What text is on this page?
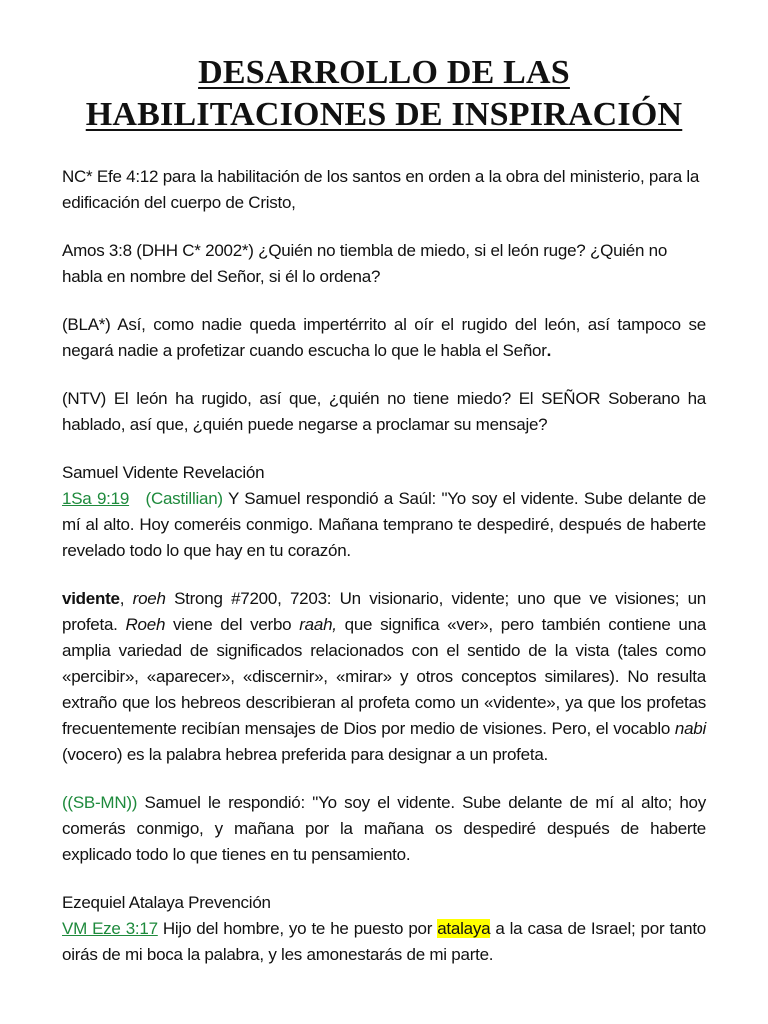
DESARROLLO DE LAS
HABILITACIONES DE INSPIRACIÓN

NC* Efe 4:12 para la habilitación de los santos en orden a la obra del ministerio, para la edificación del cuerpo de Cristo,

Amos 3:8 (DHH C* 2002*) ¿Quién no tiembla de miedo, si el león ruge? ¿Quién no habla en nombre del Señor, si él lo ordena?

(BLA*) Así, como nadie queda impertérrito al oír el rugido del león, así tampoco se negará nadie a profetizar cuando escucha lo que le habla el Señor.

(NTV) El león ha rugido, así que, ¿quién no tiene miedo? El SEÑOR Soberano ha hablado, así que, ¿quién puede negarse a proclamar su mensaje?

Samuel Vidente Revelación

1Sa 9:19 (Castillian) Y Samuel respondió a Saúl: "Yo soy el vidente. Sube delante de mí al alto. Hoy comeréis conmigo. Mañana temprano te despediré, después de haberte revelado todo lo que hay en tu corazón.

vidente, roeh Strong #7200, 7203: Un visionario, vidente; uno que ve visiones; un profeta. Roeh viene del verbo raah, que significa «ver», pero también contiene una amplia variedad de significados relacionados con el sentido de la vista (tales como «percibir», «aparecer», «discernir», «mirar» y otros conceptos similares). No resulta extraño que los hebreos describieran al profeta como un «vidente», ya que los profetas frecuentemente recibían mensajes de Dios por medio de visiones. Pero, el vocablo nabi (vocero) es la palabra hebrea preferida para designar a un profeta.

((SB-MN)) Samuel le respondió: "Yo soy el vidente. Sube delante de mí al alto; hoy comerás conmigo, y mañana por la mañana os despediré después de haberte explicado todo lo que tienes en tu pensamiento.

Ezequiel Atalaya Prevención

VM Eze 3:17 Hijo del hombre, yo te he puesto por atalaya a la casa de Israel; por tanto oirás de mi boca la palabra, y les amonestarás de mi parte.
